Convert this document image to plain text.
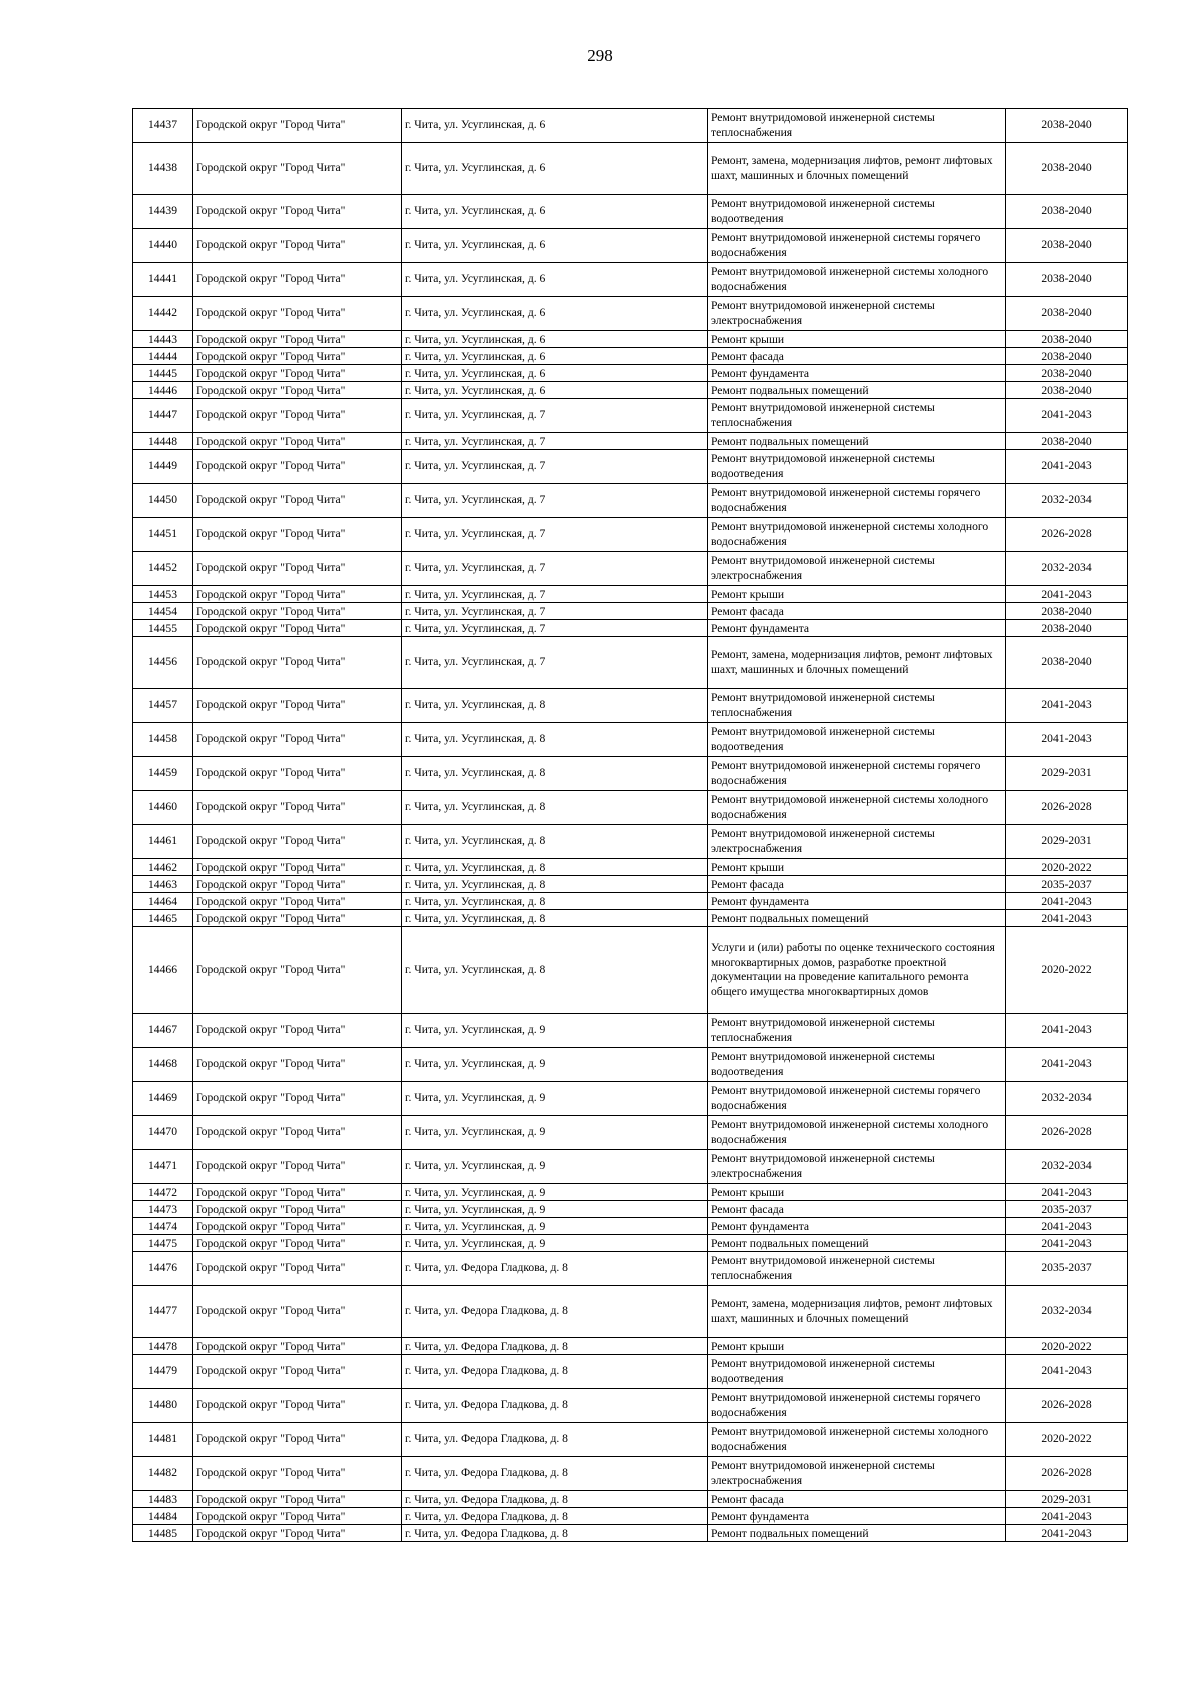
298
14437	Городской округ "Город Чита"	г. Чита, ул. Усуглинская, д. 6	Ремонт внутридомовой инженерной системы теплоснабжения	2038-2040
14438	Городской округ "Город Чита"	г. Чита, ул. Усуглинская, д. 6	Ремонт, замена, модернизация лифтов, ремонт лифтовых шахт, машинных и блочных помещений	2038-2040
14439	Городской округ "Город Чита"	г. Чита, ул. Усуглинская, д. 6	Ремонт внутридомовой инженерной системы водоотведения	2038-2040
14440	Городской округ "Город Чита"	г. Чита, ул. Усуглинская, д. 6	Ремонт внутридомовой инженерной системы горячего водоснабжения	2038-2040
14441	Городской округ "Город Чита"	г. Чита, ул. Усуглинская, д. 6	Ремонт внутридомовой инженерной системы холодного водоснабжения	2038-2040
14442	Городской округ "Город Чита"	г. Чита, ул. Усуглинская, д. 6	Ремонт внутридомовой инженерной системы электроснабжения	2038-2040
14443	Городской округ "Город Чита"	г. Чита, ул. Усуглинская, д. 6	Ремонт крыши	2038-2040
14444	Городской округ "Город Чита"	г. Чита, ул. Усуглинская, д. 6	Ремонт фасада	2038-2040
14445	Городской округ "Город Чита"	г. Чита, ул. Усуглинская, д. 6	Ремонт фундамента	2038-2040
14446	Городской округ "Город Чита"	г. Чита, ул. Усуглинская, д. 6	Ремонт подвальных помещений	2038-2040
14447	Городской округ "Город Чита"	г. Чита, ул. Усуглинская, д. 7	Ремонт внутридомовой инженерной системы теплоснабжения	2041-2043
14448	Городской округ "Город Чита"	г. Чита, ул. Усуглинская, д. 7	Ремонт подвальных помещений	2038-2040
14449	Городской округ "Город Чита"	г. Чита, ул. Усуглинская, д. 7	Ремонт внутридомовой инженерной системы водоотведения	2041-2043
14450	Городской округ "Город Чита"	г. Чита, ул. Усуглинская, д. 7	Ремонт внутридомовой инженерной системы горячего водоснабжения	2032-2034
14451	Городской округ "Город Чита"	г. Чита, ул. Усуглинская, д. 7	Ремонт внутридомовой инженерной системы холодного водоснабжения	2026-2028
14452	Городской округ "Город Чита"	г. Чита, ул. Усуглинская, д. 7	Ремонт внутридомовой инженерной системы электроснабжения	2032-2034
14453	Городской округ "Город Чита"	г. Чита, ул. Усуглинская, д. 7	Ремонт крыши	2041-2043
14454	Городской округ "Город Чита"	г. Чита, ул. Усуглинская, д. 7	Ремонт фасада	2038-2040
14455	Городской округ "Город Чита"	г. Чита, ул. Усуглинская, д. 7	Ремонт фундамента	2038-2040
14456	Городской округ "Город Чита"	г. Чита, ул. Усуглинская, д. 7	Ремонт, замена, модернизация лифтов, ремонт лифтовых шахт, машинных и блочных помещений	2038-2040
14457	Городской округ "Город Чита"	г. Чита, ул. Усуглинская, д. 8	Ремонт внутридомовой инженерной системы теплоснабжения	2041-2043
14458	Городской округ "Город Чита"	г. Чита, ул. Усуглинская, д. 8	Ремонт внутридомовой инженерной системы водоотведения	2041-2043
14459	Городской округ "Город Чита"	г. Чита, ул. Усуглинская, д. 8	Ремонт внутридомовой инженерной системы горячего водоснабжения	2029-2031
14460	Городской округ "Город Чита"	г. Чита, ул. Усуглинская, д. 8	Ремонт внутридомовой инженерной системы холодного водоснабжения	2026-2028
14461	Городской округ "Город Чита"	г. Чита, ул. Усуглинская, д. 8	Ремонт внутридомовой инженерной системы электроснабжения	2029-2031
14462	Городской округ "Город Чита"	г. Чита, ул. Усуглинская, д. 8	Ремонт крыши	2020-2022
14463	Городской округ "Город Чита"	г. Чита, ул. Усуглинская, д. 8	Ремонт фасада	2035-2037
14464	Городской округ "Город Чита"	г. Чита, ул. Усуглинская, д. 8	Ремонт фундамента	2041-2043
14465	Городской округ "Город Чита"	г. Чита, ул. Усуглинская, д. 8	Ремонт подвальных помещений	2041-2043
14466	Городской округ "Город Чита"	г. Чита, ул. Усуглинская, д. 8	Услуги и (или) работы по оценке технического состояния многоквартирных домов, разработке проектной документации на проведение капитального ремонта общего имущества многоквартирных домов	2020-2022
14467	Городской округ "Город Чита"	г. Чита, ул. Усуглинская, д. 9	Ремонт внутридомовой инженерной системы теплоснабжения	2041-2043
14468	Городской округ "Город Чита"	г. Чита, ул. Усуглинская, д. 9	Ремонт внутридомовой инженерной системы водоотведения	2041-2043
14469	Городской округ "Город Чита"	г. Чита, ул. Усуглинская, д. 9	Ремонт внутридомовой инженерной системы горячего водоснабжения	2032-2034
14470	Городской округ "Город Чита"	г. Чита, ул. Усуглинская, д. 9	Ремонт внутридомовой инженерной системы холодного водоснабжения	2026-2028
14471	Городской округ "Город Чита"	г. Чита, ул. Усуглинская, д. 9	Ремонт внутридомовой инженерной системы электроснабжения	2032-2034
14472	Городской округ "Город Чита"	г. Чита, ул. Усуглинская, д. 9	Ремонт крыши	2041-2043
14473	Городской округ "Город Чита"	г. Чита, ул. Усуглинская, д. 9	Ремонт фасада	2035-2037
14474	Городской округ "Город Чита"	г. Чита, ул. Усуглинская, д. 9	Ремонт фундамента	2041-2043
14475	Городской округ "Город Чита"	г. Чита, ул. Усуглинская, д. 9	Ремонт подвальных помещений	2041-2043
14476	Городской округ "Город Чита"	г. Чита, ул. Федора Гладкова, д. 8	Ремонт внутридомовой инженерной системы теплоснабжения	2035-2037
14477	Городской округ "Город Чита"	г. Чита, ул. Федора Гладкова, д. 8	Ремонт, замена, модернизация лифтов, ремонт лифтовых шахт, машинных и блочных помещений	2032-2034
14478	Городской округ "Город Чита"	г. Чита, ул. Федора Гладкова, д. 8	Ремонт крыши	2020-2022
14479	Городской округ "Город Чита"	г. Чита, ул. Федора Гладкова, д. 8	Ремонт внутридомовой инженерной системы водоотведения	2041-2043
14480	Городской округ "Город Чита"	г. Чита, ул. Федора Гладкова, д. 8	Ремонт внутридомовой инженерной системы горячего водоснабжения	2026-2028
14481	Городской округ "Город Чита"	г. Чита, ул. Федора Гладкова, д. 8	Ремонт внутридомовой инженерной системы холодного водоснабжения	2020-2022
14482	Городской округ "Город Чита"	г. Чита, ул. Федора Гладкова, д. 8	Ремонт внутридомовой инженерной системы электроснабжения	2026-2028
14483	Городской округ "Город Чита"	г. Чита, ул. Федора Гладкова, д. 8	Ремонт фасада	2029-2031
14484	Городской округ "Город Чита"	г. Чита, ул. Федора Гладкова, д. 8	Ремонт фундамента	2041-2043
14485	Городской округ "Город Чита"	г. Чита, ул. Федора Гладкова, д. 8	Ремонт подвальных помещений	2041-2043
